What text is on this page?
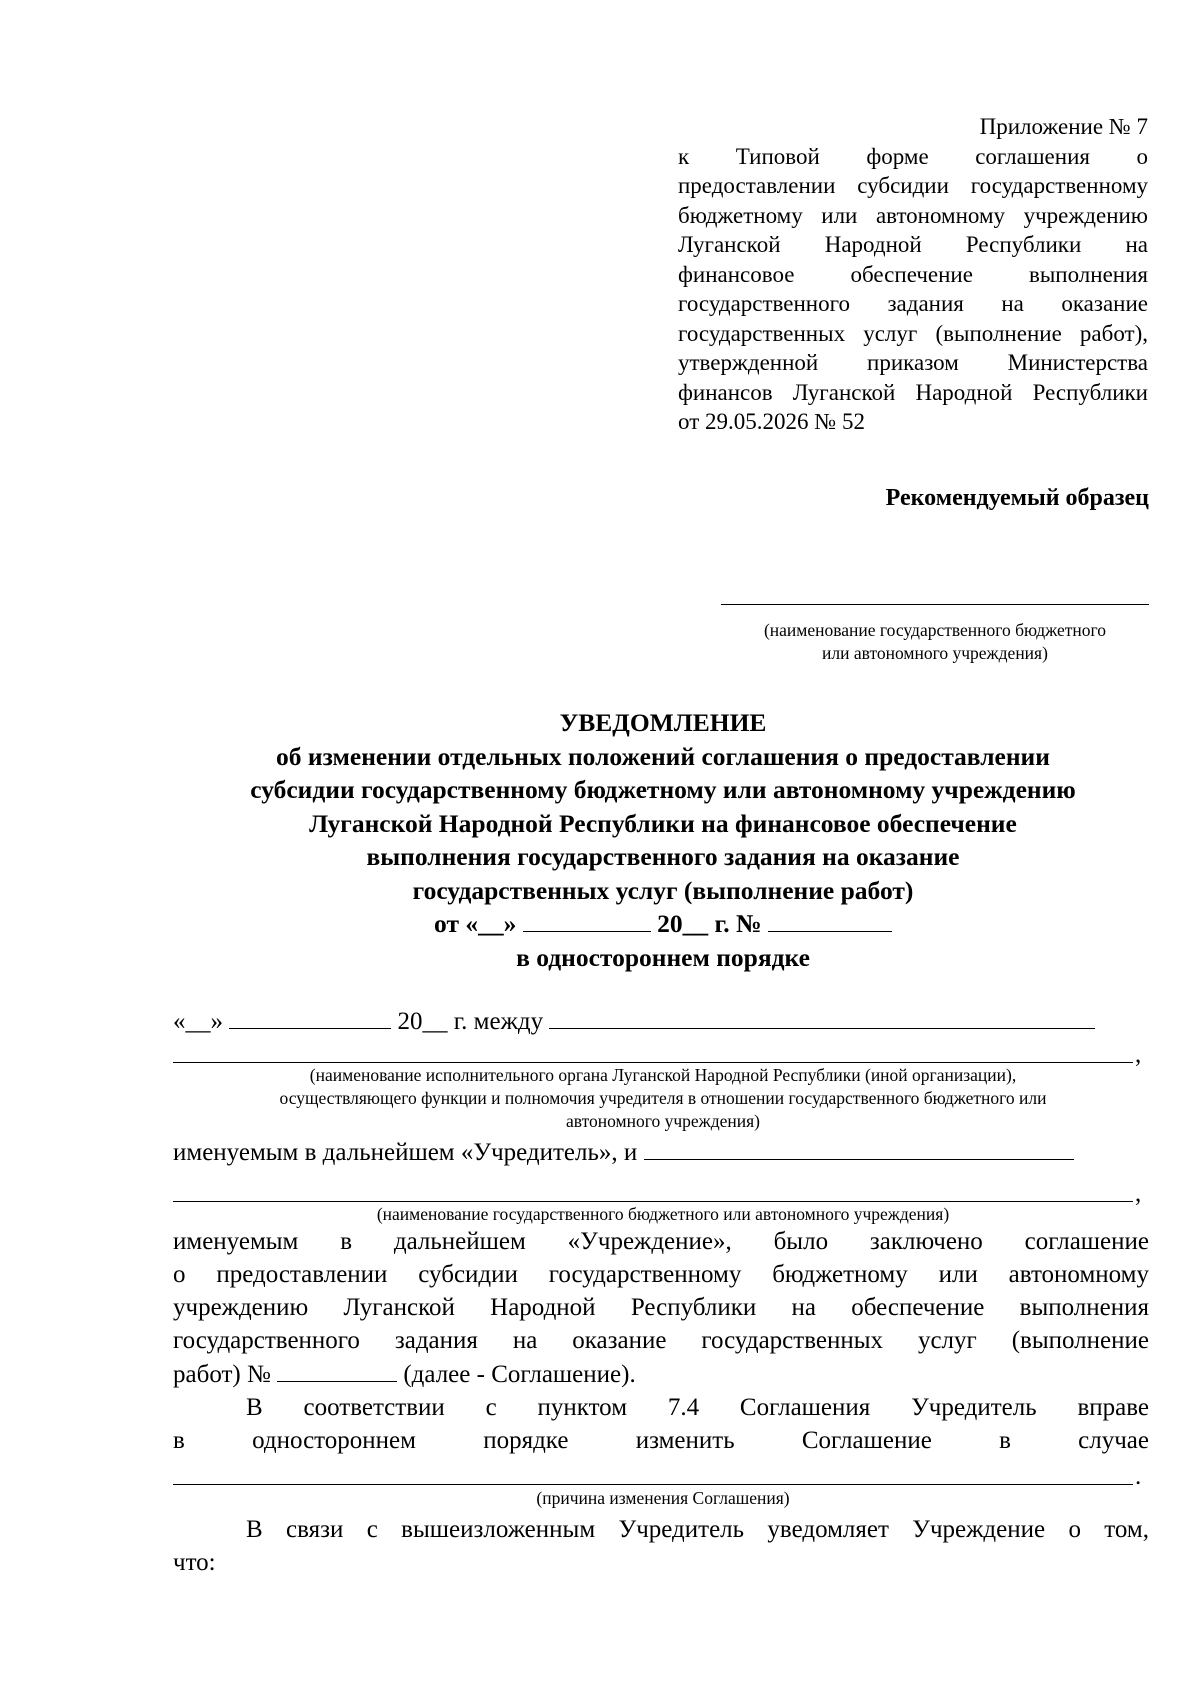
Приложение № 7

к Типовой форме соглашения о

предоставлении субсидии государственному

бюджетному или автономному учреждению

Луганской Народной Республики на

финансовое обеспечение выполнения

государственного задания на оказание

государственных услуг (выполнение работ),

утвержденной приказом Министерства

финансов Луганской Народной Республики

от 29.05.2026 № 52

Рекомендуемый образец
(наименование государственного бюджетного
или автономного учреждения)
УВЕДОМЛЕНИЕ
об изменении отдельных положений соглашения о предоставлении
субсидии государственному бюджетному или автономному учреждению
Луганской Народной Республики на финансовое обеспечение
выполнения государственного задания на оказание
государственных услуг (выполнение работ)
от «__»	20__ г. №
в одностороннем порядке
«__»	20__ г. между
,
(наименование исполнительного органа Луганской Народной Республики (иной организации),
осуществляющего функции и полномочия учредителя в отношении государственного бюджетного или
автономного учреждения)
именуемым в дальнейшем «Учредитель», и
,
(наименование государственного бюджетного или автономного учреждения)
именуемым в дальнейшем «Учреждение», было заключено соглашение
о предоставлении субсидии государственному бюджетному или автономному
учреждению Луганской Народной Республики на обеспечение выполнения
государственного задания на оказание государственных услуг (выполнение
работ) №	(далее - Соглашение).
В соответствии с пунктом 7.4 Соглашения Учредитель вправе
в одностороннем порядке изменить Соглашение в случае
.
(причина изменения Соглашения)
В связи с вышеизложенным Учредитель уведомляет Учреждение о том,
что:
